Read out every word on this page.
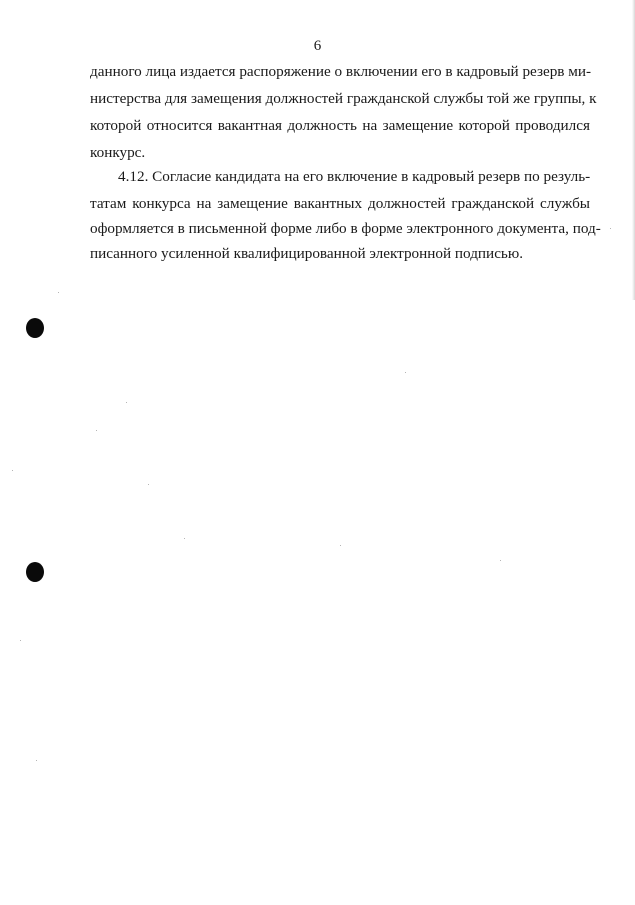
6
данного лица издается распоряжение о включении его в кадровый резерв ми-
нистерства для замещения должностей гражданской службы той же группы, к
которой относится вакантная должность на замещение которой проводился
конкурс.
4.12. Согласие кандидата на его включение в кадровый резерв по резуль-
татам конкурса на замещение вакантных должностей гражданской службы
оформляется в письменной форме либо в форме электронного документа, под-
писанного усиленной квалифицированной электронной подписью.
